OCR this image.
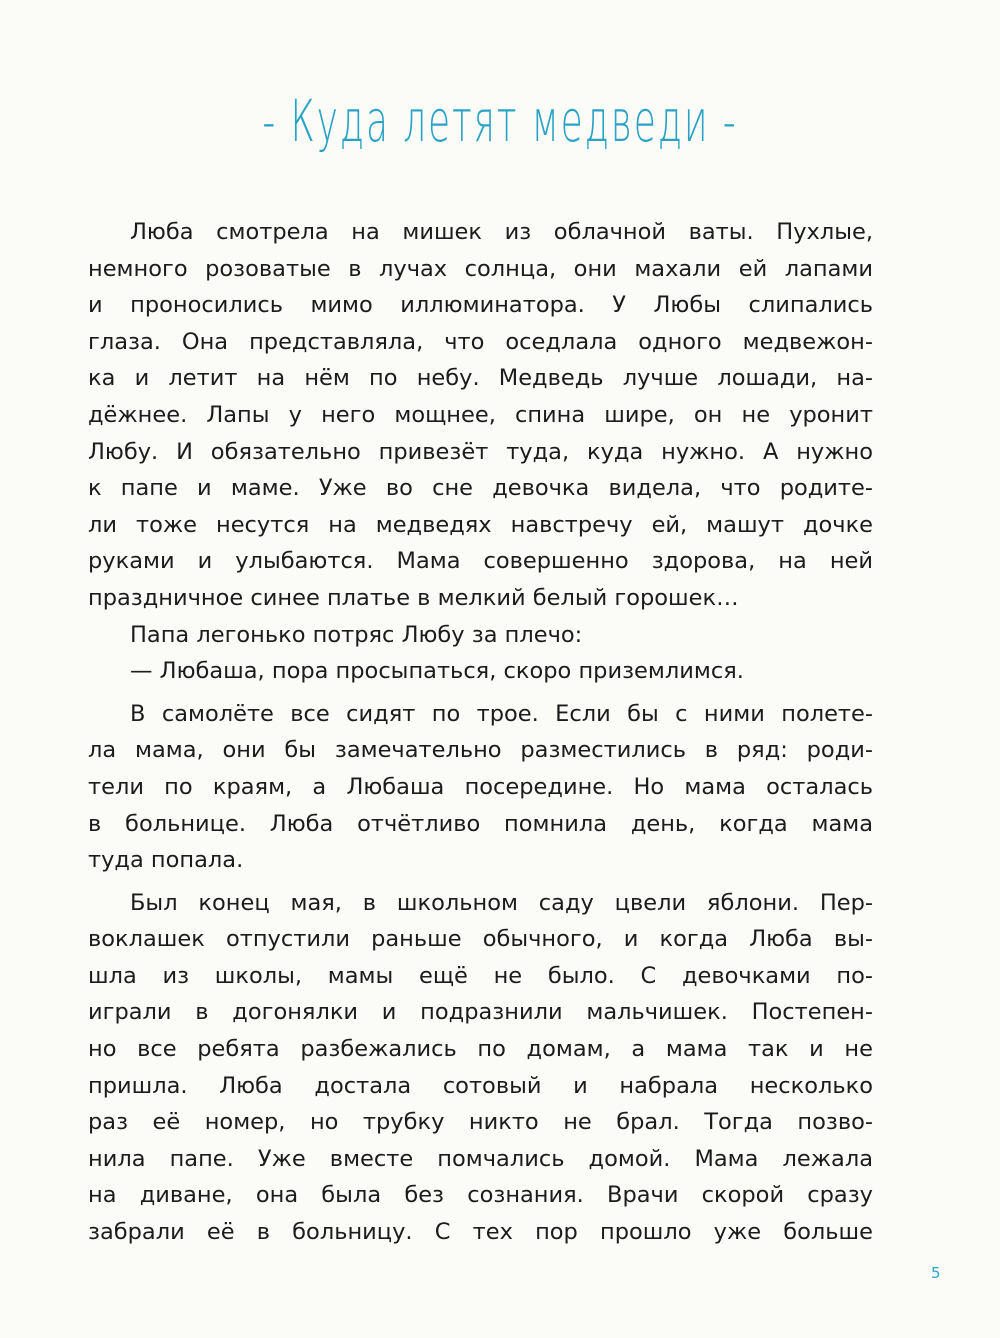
- Куда летят медведи -
Люба смотрела на мишек из облачной ваты. Пухлые,
немного розоватые в лучах солнца, они махали ей лапами
и проносились мимо иллюминатора. У Любы слипались
глаза. Она представляла, что оседлала одного медвежон-
ка и летит на нём по небу. Медведь лучше лошади, на-
дёжнее. Лапы у него мощнее, спина шире, он не уронит
Любу. И обязательно привезёт туда, куда нужно. А нужно
к папе и маме. Уже во сне девочка видела, что родите-
ли тоже несутся на медведях навстречу ей, машут дочке
руками и улыбаются. Мама совершенно здорова, на ней
праздничное синее платье в мелкий белый горошек…
Папа легонько потряс Любу за плечо:
— Любаша, пора просыпаться, скоро приземлимся.
В самолёте все сидят по трое. Если бы с ними полете-
ла мама, они бы замечательно разместились в ряд: роди-
тели по краям, а Любаша посередине. Но мама осталась
в больнице. Люба отчётливо помнила день, когда мама
туда попала.
Был конец мая, в школьном саду цвели яблони. Пер-
воклашек отпустили раньше обычного, и когда Люба вы-
шла из школы, мамы ещё не было. С девочками по-
играли в догонялки и подразнили мальчишек. Постепен-
но все ребята разбежались по домам, а мама так и не
пришла. Люба достала сотовый и набрала несколько
раз её номер, но трубку никто не брал. Тогда позво-
нила папе. Уже вместе помчались домой. Мама лежала
на диване, она была без сознания. Врачи скорой сразу
забрали её в больницу. С тех пор прошло уже больше
5
